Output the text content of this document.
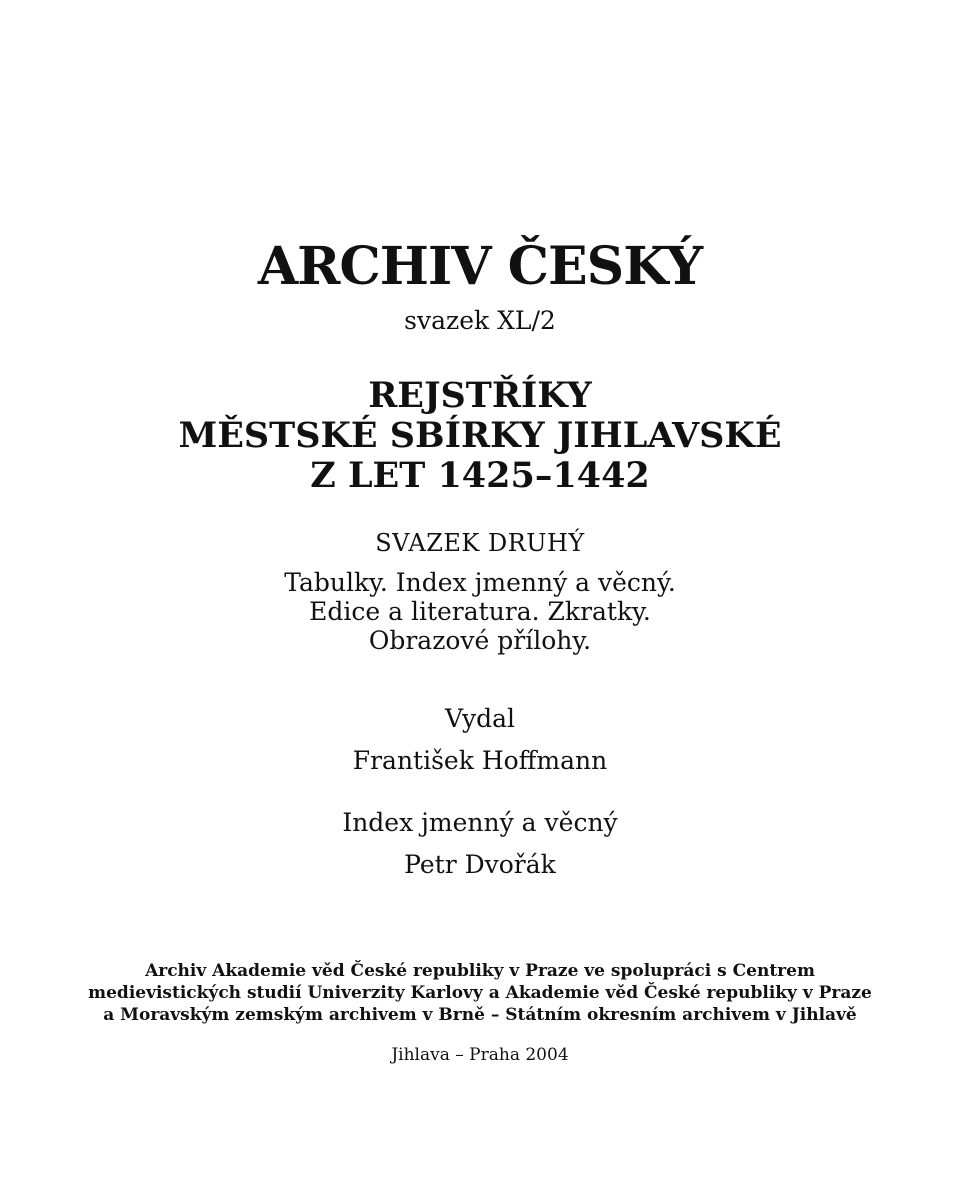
ARCHIV ČESKÝ
svazek XL/2
REJSTŘÍKY
MĚSTSKÉ SBÍRKY JIHLAVSKÉ
Z LET 1425–1442
SVAZEK DRUHÝ
Tabulky. Index jmenný a věcný.
Edice a literatura. Zkratky.
Obrazové přílohy.
Vydal
František Hoffmann
Index jmenný a věcný
Petr Dvořák
Archiv Akademie věd České republiky v Praze ve spolupráci s Centrem
medievistických studií Univerzity Karlovy a Akademie věd České republiky v Praze
a Moravským zemským archivem v Brně – Státním okresním archivem v Jihlavě
Jihlava – Praha 2004
